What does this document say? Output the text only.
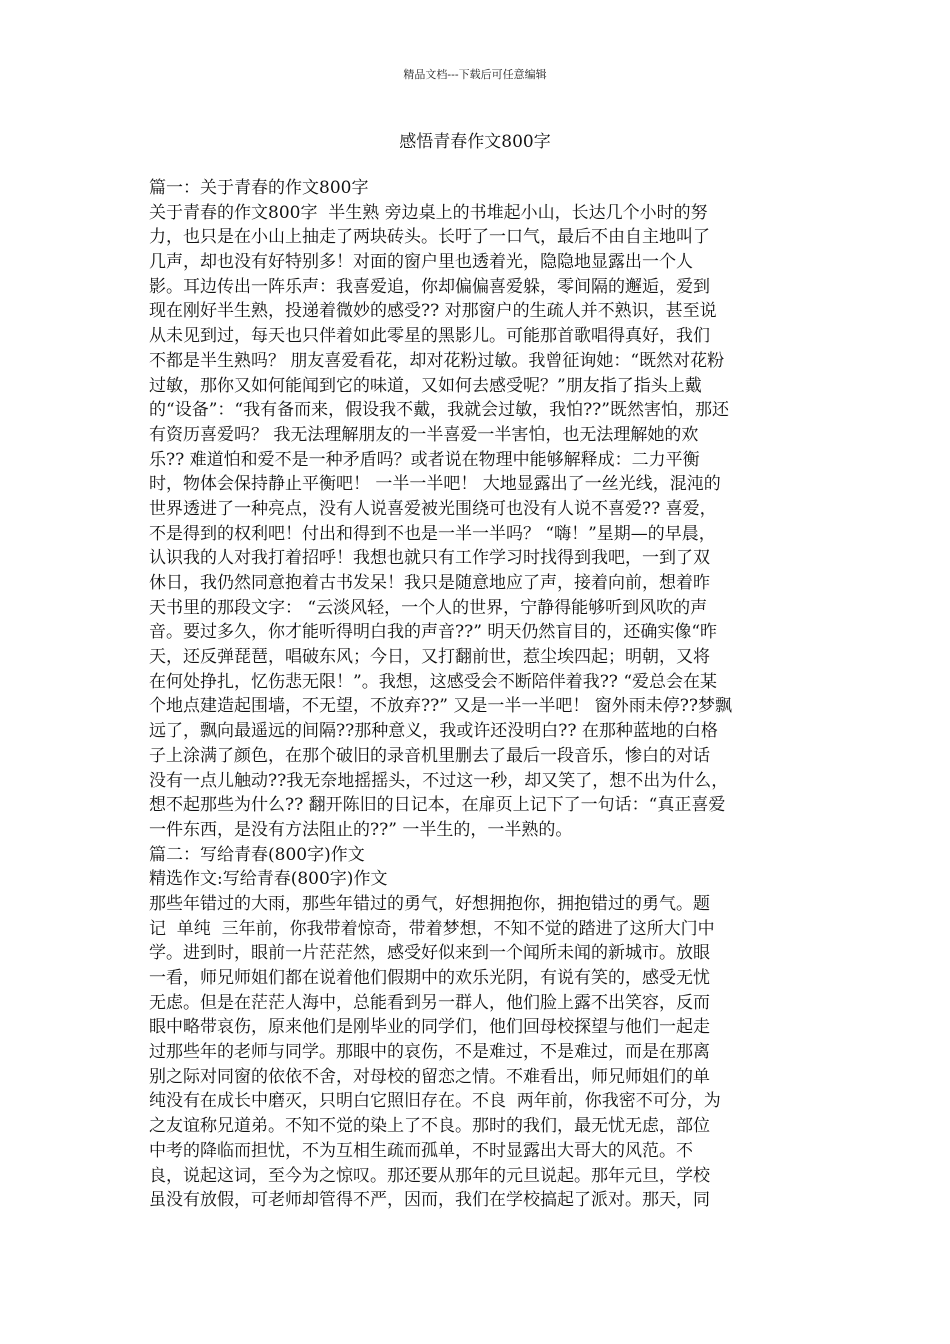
精品文档---下载后可任意编辑
感悟青春作文800字
篇一：关于青春的作文800字
关于青春的作文800字  半生熟 旁边桌上的书堆起小山，长达几个小时的努
力，也只是在小山上抽走了两块砖头。长吁了一口气，最后不由自主地叫了
几声，却也没有好特别多！对面的窗户里也透着光，隐隐地显露出一个人
影。耳边传出一阵乐声：我喜爱追，你却偏偏喜爱躲，零间隔的邂逅，爱到
现在刚好半生熟，投递着微妙的感受?? 对那窗户的生疏人并不熟识，甚至说
从未见到过，每天也只伴着如此零星的黑影儿。可能那首歌唱得真好，我们
不都是半生熟吗？ 朋友喜爱看花，却对花粉过敏。我曾征询她：“既然对花粉
过敏，那你又如何能闻到它的味道，又如何去感受呢？”朋友指了指头上戴
的“设备”：“我有备而来，假设我不戴，我就会过敏，我怕??”既然害怕，那还
有资历喜爱吗？ 我无法理解朋友的一半喜爱一半害怕，也无法理解她的欢
乐?? 难道怕和爱不是一种矛盾吗？或者说在物理中能够解释成：二力平衡
时，物体会保持静止平衡吧！ 一半一半吧！ 大地显露出了一丝光线，混沌的
世界透进了一种亮点，没有人说喜爱被光围绕可也没有人说不喜爱?? 喜爱，
不是得到的权利吧！付出和得到不也是一半一半吗？ “嗨！”星期—的早晨，
认识我的人对我打着招呼！我想也就只有工作学习时找得到我吧，一到了双
休日，我仍然同意抱着古书发呆！我只是随意地应了声，接着向前，想着昨
天书里的那段文字： “云淡风轻，一个人的世界，宁静得能够听到风吹的声
音。要过多久，你才能听得明白我的声音??” 明天仍然盲目的，还确实像“昨
天，还反弹琵琶，唱破东风；今日，又打翻前世，惹尘埃四起；明朝，又将
在何处挣扎，忆伤悲无限！”。我想，这感受会不断陪伴着我?? “爱总会在某
个地点建造起围墙，不无望，不放弃??” 又是一半一半吧！ 窗外雨未停??梦飘
远了，飘向最遥远的间隔??那种意义，我或许还没明白?? 在那种蓝地的白格
子上涂满了颜色，在那个破旧的录音机里删去了最后一段音乐，惨白的对话
没有一点儿触动??我无奈地摇摇头，不过这一秒，却又笑了，想不出为什么，
想不起那些为什么?? 翻开陈旧的日记本，在扉页上记下了一句话：“真正喜爱
一件东西，是没有方法阻止的??” 一半生的，一半熟的。
篇二：写给青春(800字)作文
精选作文:写给青春(800字)作文
那些年错过的大雨，那些年错过的勇气，好想拥抱你，拥抱错过的勇气。题
记  单纯  三年前，你我带着惊奇，带着梦想，不知不觉的踏进了这所大门中
学。进到时，眼前一片茫茫然，感受好似来到一个闻所未闻的新城市。放眼
一看，师兄师姐们都在说着他们假期中的欢乐光阴，有说有笑的，感受无忧
无虑。但是在茫茫人海中，总能看到另一群人，他们脸上露不出笑容，反而
眼中略带哀伤，原来他们是刚毕业的同学们，他们回母校探望与他们一起走
过那些年的老师与同学。那眼中的哀伤，不是难过，不是难过，而是在那离
别之际对同窗的依依不舍，对母校的留恋之情。不难看出，师兄师姐们的单
纯没有在成长中磨灭，只明白它照旧存在。不良  两年前，你我密不可分，为
之友谊称兄道弟。不知不觉的染上了不良。那时的我们，最无忧无虑，部位
中考的降临而担忧，不为互相生疏而孤单，不时显露出大哥大的风范。不
良，说起这词，至今为之惊叹。那还要从那年的元旦说起。那年元旦，学校
虽没有放假，可老师却管得不严，因而，我们在学校搞起了派对。那天，同
